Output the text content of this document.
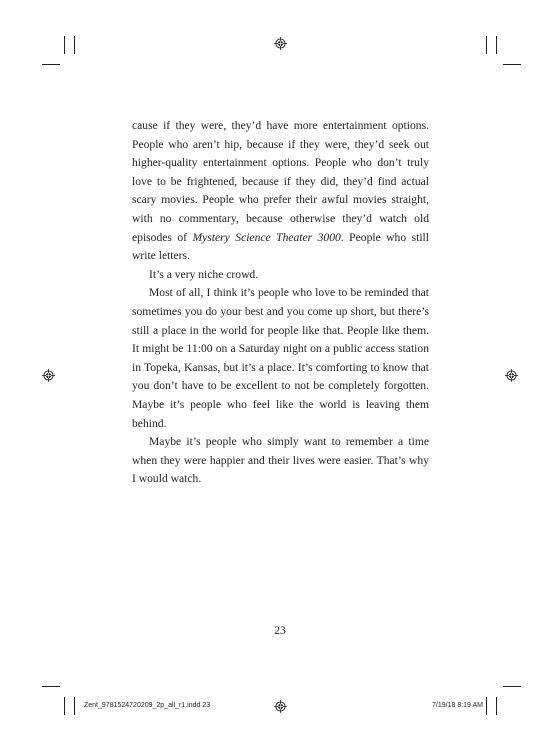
cause if they were, they’d have more entertainment options. People who aren’t hip, because if they were, they’d seek out higher-quality entertainment options. People who don’t truly love to be frightened, because if they did, they’d find actual scary movies. People who prefer their awful movies straight, with no commentary, because otherwise they’d watch old episodes of Mystery Science Theater 3000. People who still write letters.

It’s a very niche crowd.

Most of all, I think it’s people who love to be reminded that sometimes you do your best and you come up short, but there’s still a place in the world for people like that. People like them. It might be 11:00 on a Saturday night on a public access station in Topeka, Kansas, but it’s a place. It’s comforting to know that you don’t have to be excellent to not be completely forgotten. Maybe it’s people who feel like the world is leaving them behind.

Maybe it’s people who simply want to remember a time when they were happier and their lives were easier. That’s why I would watch.

23
Zent_9781524720209_2p_all_r1.indd 23	7/19/18 8:19 AM
